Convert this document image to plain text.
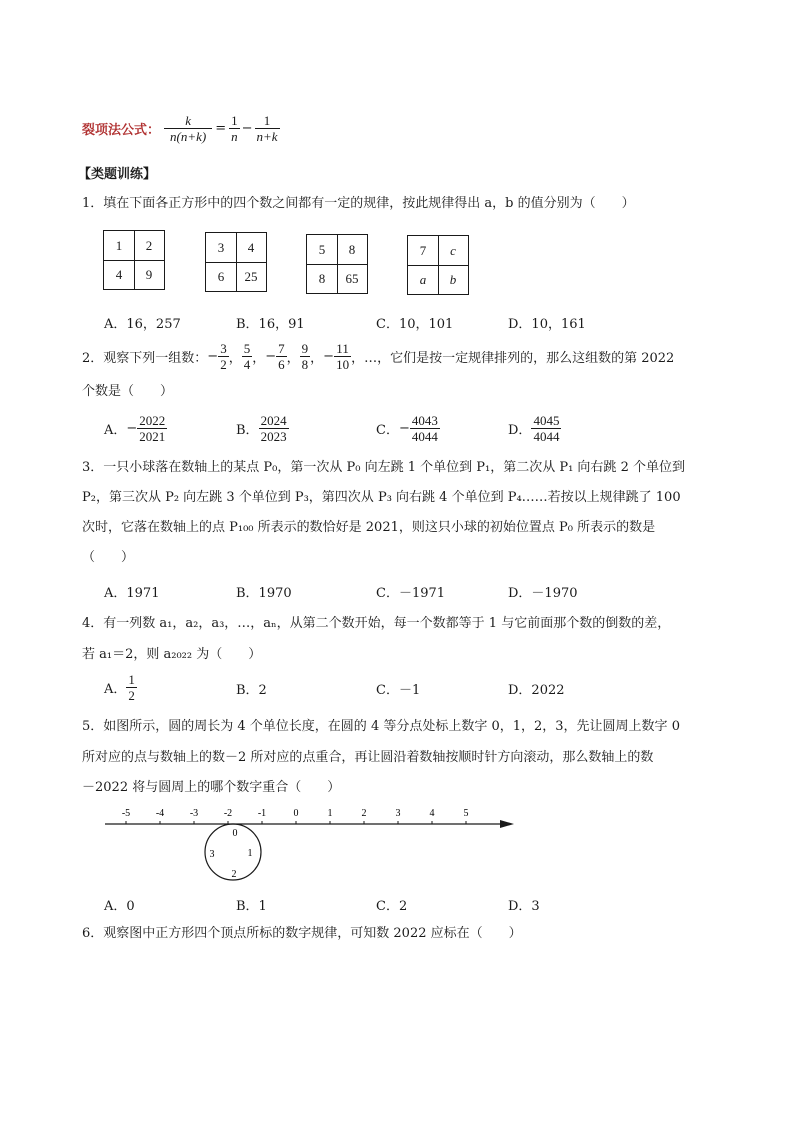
裂项法公式： $\frac{k}{n(n+k)} = \frac{1}{n} - \frac{1}{n+k}$
【类题训练】
1．填在下面各正方形中的四个数之间都有一定的规律，按此规律得出 a，b 的值分别为（　　）
1	2
4	9
3	4
6	25
5	8
8	65
7	c
a	b
A．16，257	B．16，91	C．10，101	D．10，161
2．观察下列一组数： − $\frac{3}{2}$ ， $\frac{5}{4}$ ， − $\frac{7}{6}$ ， $\frac{9}{8}$ ， − $\frac{11}{10}$ ，…，它们是按一定规律排列的，那么这组数的第 2022
个数是（　　）
A． − $\frac{2022}{2021}$	B． $\frac{2024}{2023}$	C． − $\frac{4043}{4044}$	D． $\frac{4045}{4044}$
3．一只小球落在数轴上的某点 P₀，第一次从 P₀ 向左跳 1 个单位到 P₁，第二次从 P₁ 向右跳 2 个单位到
P₂，第三次从 P₂ 向左跳 3 个单位到 P₃，第四次从 P₃ 向右跳 4 个单位到 P₄……若按以上规律跳了 100
次时，它落在数轴上的点 P₁₀₀ 所表示的数恰好是 2021，则这只小球的初始位置点 P₀ 所表示的数是
（　　）
A．1971	B．1970	C．－1971	D．－1970
4．有一列数 a₁，a₂，a₃，…，aₙ，从第二个数开始，每一个数都等于 1 与它前面那个数的倒数的差，
若 a₁＝2，则 a₂₀₂₂ 为（　　）
A． $\frac{1}{2}$	B．2	C．－1	D．2022
5．如图所示，圆的周长为 4 个单位长度，在圆的 4 等分点处标上数字 0，1，2，3，先让圆周上数字 0
所对应的点与数轴上的数－2 所对应的点重合，再让圆沿着数轴按顺时针方向滚动，那么数轴上的数
－2022 将与圆周上的哪个数字重合（　　）
-5	-4	-3	-2	-1	0	1	2	3	4	5
0
1
2
3
A．0	B．1	C．2	D．3
6．观察图中正方形四个顶点所标的数字规律，可知数 2022 应标在（　　）
